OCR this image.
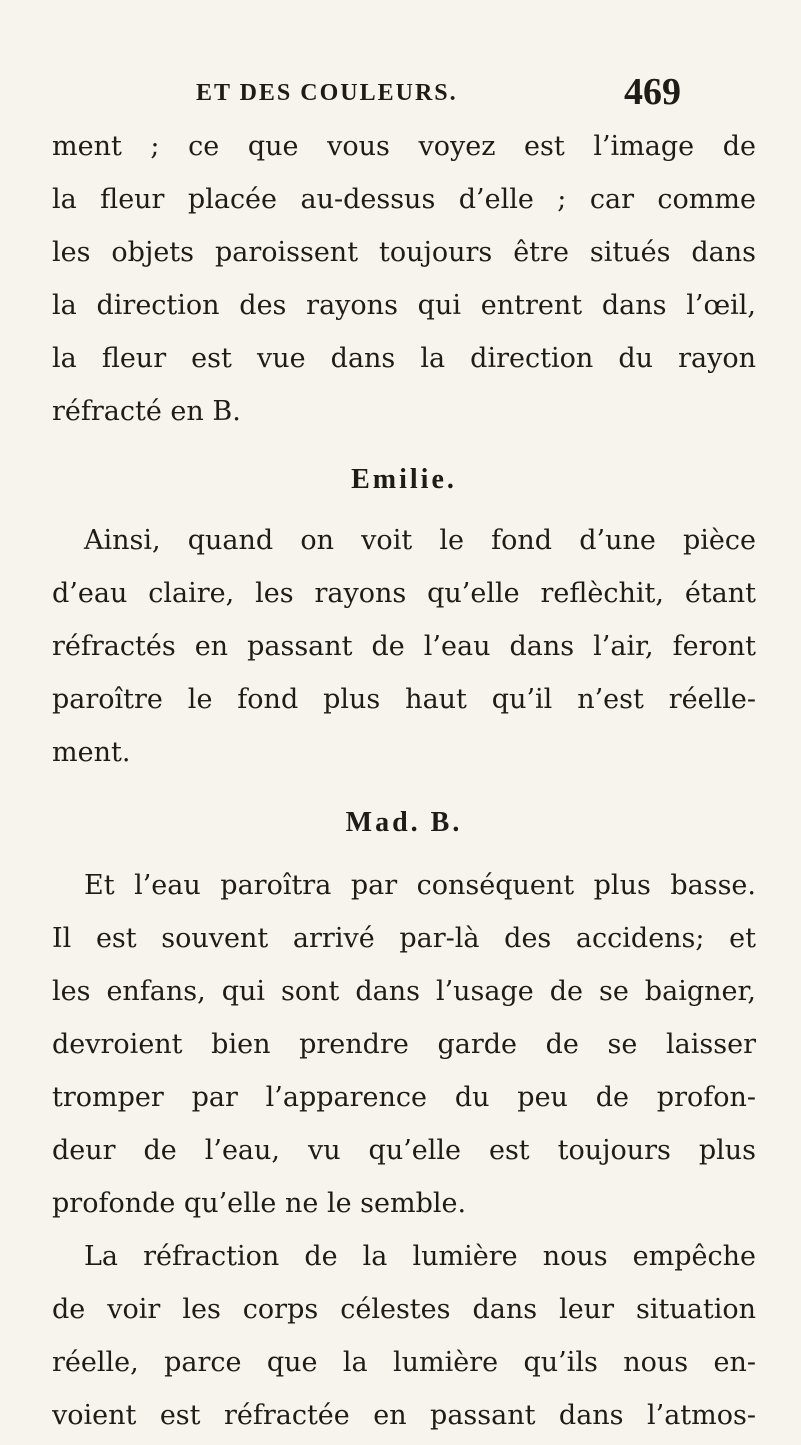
ET DES COULEURS.	469
ment ; ce que vous voyez est l’image de
la fleur placée au-dessus d’elle ; car comme
les objets paroissent toujours être situés dans
la direction des rayons qui entrent dans l’œil,
la fleur est vue dans la direction du rayon
réfracté en B.
Emilie.
Ainsi, quand on voit le fond d’une pièce
d’eau claire, les rayons qu’elle reflèchit, étant
réfractés en passant de l’eau dans l’air, feront
paroître le fond plus haut qu’il n’est réelle-
ment.
Mad. B.
Et l’eau paroîtra par conséquent plus basse.
Il est souvent arrivé par-là des accidens; et
les enfans, qui sont dans l’usage de se baigner,
devroient bien prendre garde de se laisser
tromper par l’apparence du peu de profon-
deur de l’eau, vu qu’elle est toujours plus
profonde qu’elle ne le semble.
La réfraction de la lumière nous empêche
de voir les corps célestes dans leur situation
réelle, parce que la lumière qu’ils nous en-
voient est réfractée en passant dans l’atmos-
